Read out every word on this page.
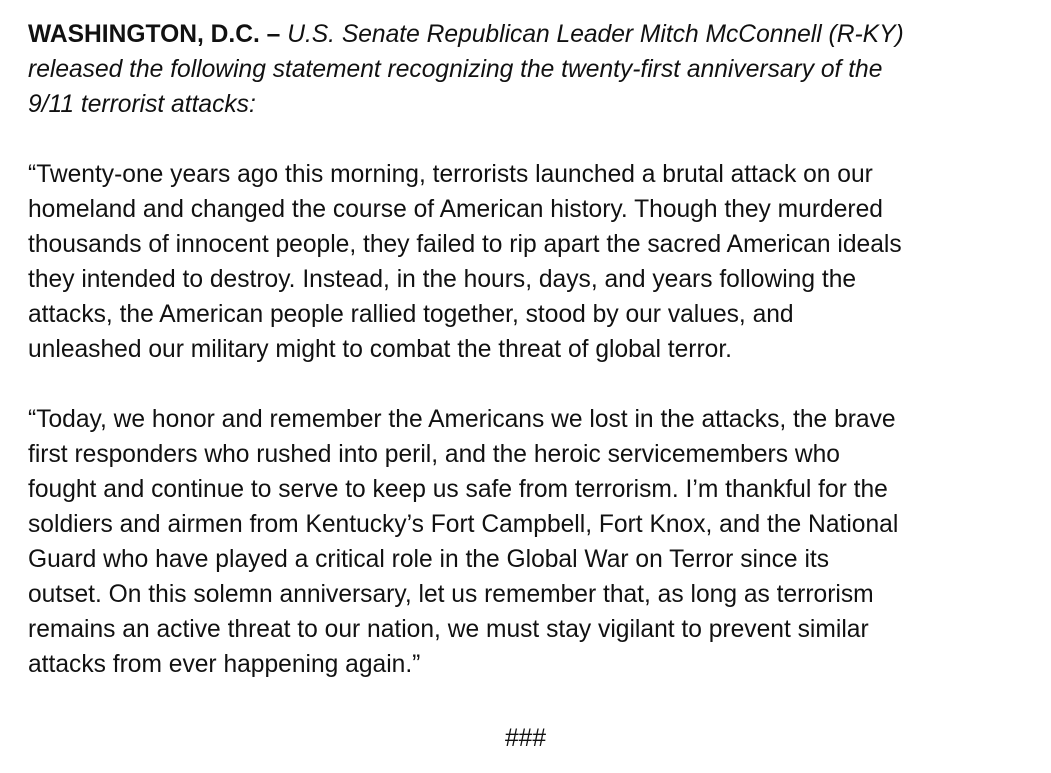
WASHINGTON, D.C. – U.S. Senate Republican Leader Mitch McConnell (R-KY)
released the following statement recognizing the twenty-first anniversary of the
9/11 terrorist attacks:

“Twenty-one years ago this morning, terrorists launched a brutal attack on our
homeland and changed the course of American history. Though they murdered
thousands of innocent people, they failed to rip apart the sacred American ideals
they intended to destroy. Instead, in the hours, days, and years following the
attacks, the American people rallied together, stood by our values, and
unleashed our military might to combat the threat of global terror.

“Today, we honor and remember the Americans we lost in the attacks, the brave
first responders who rushed into peril, and the heroic servicemembers who
fought and continue to serve to keep us safe from terrorism. I’m thankful for the
soldiers and airmen from Kentucky’s Fort Campbell, Fort Knox, and the National
Guard who have played a critical role in the Global War on Terror since its
outset. On this solemn anniversary, let us remember that, as long as terrorism
remains an active threat to our nation, we must stay vigilant to prevent similar
attacks from ever happening again.”

###
